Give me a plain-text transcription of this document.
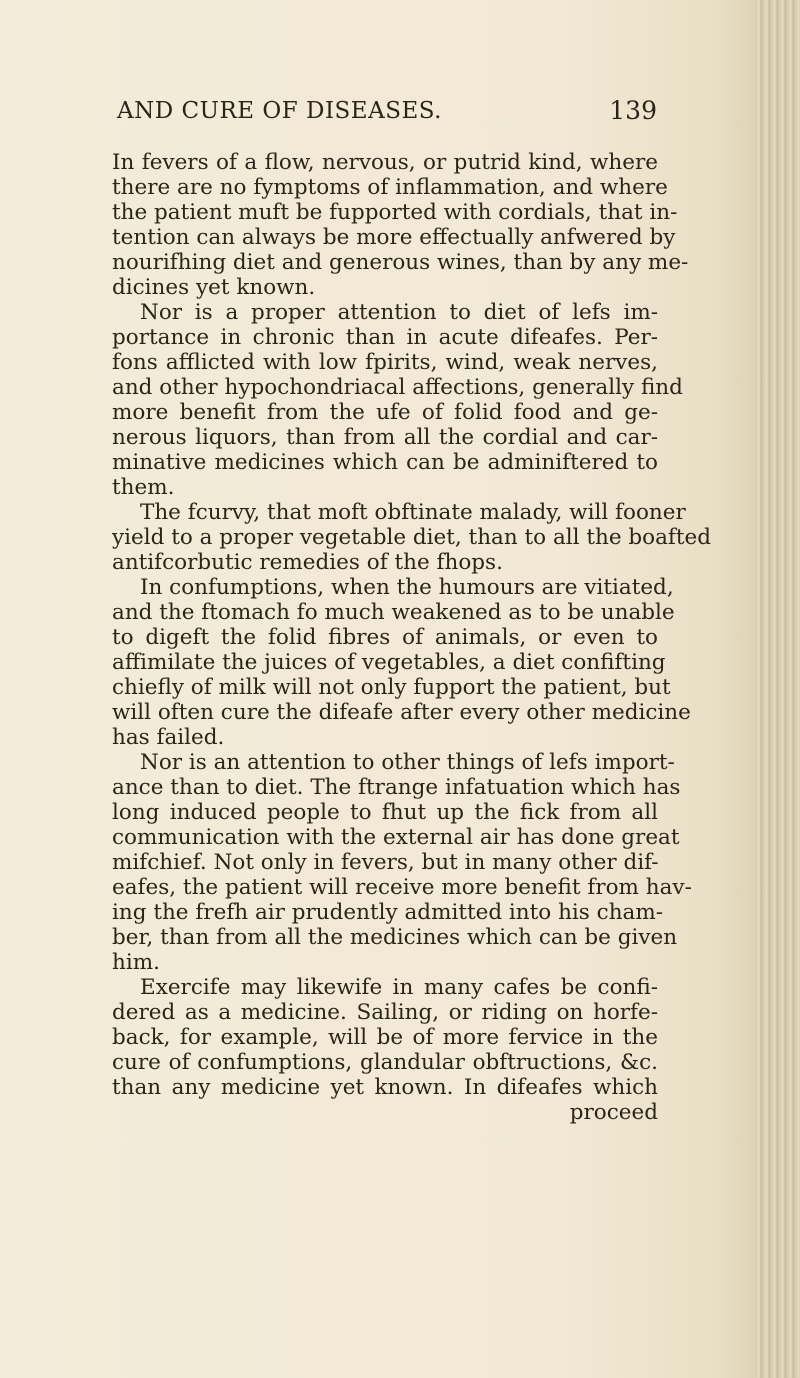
AND CURE OF DISEASES.	139
In fevers of a flow, nervous, or putrid kind, where
there are no fymptoms of inflammation, and where
the patient muft be fupported with cordials, that in-
tention can always be more effectually anfwered by
nourifhing diet and generous wines, than by any me-
dicines yet known.
Nor is a proper attention to diet of lefs im-
portance in chronic than in acute difeafes. Per-
fons afflicted with low fpirits, wind, weak nerves,
and other hypochondriacal affections, generally find
more benefit from the ufe of folid food and ge-
nerous liquors, than from all the cordial and car-
minative medicines which can be adminiftered to
them.
The fcurvy, that moft obftinate malady, will fooner
yield to a proper vegetable diet, than to all the boafted
antifcorbutic remedies of the fhops.
In confumptions, when the humours are vitiated,
and the ftomach fo much weakened as to be unable
to digeft the folid fibres of animals, or even to
affimilate the juices of vegetables, a diet confifting
chiefly of milk will not only fupport the patient, but
will often cure the difeafe after every other medicine
has failed.
Nor is an attention to other things of lefs import-
ance than to diet. The ftrange infatuation which has
long induced people to fhut up the fick from all
communication with the external air has done great
mifchief. Not only in fevers, but in many other dif-
eafes, the patient will receive more benefit from hav-
ing the frefh air prudently admitted into his cham-
ber, than from all the medicines which can be given
him.
Exercife may likewife in many cafes be confi-
dered as a medicine. Sailing, or riding on horfe-
back, for example, will be of more fervice in the
cure of confumptions, glandular obftructions, &c.
than any medicine yet known. In difeafes which
proceed
